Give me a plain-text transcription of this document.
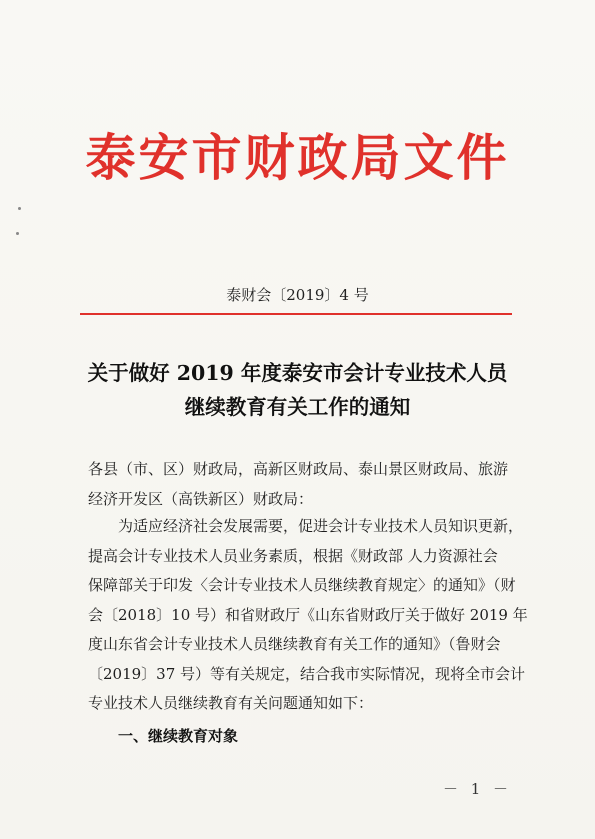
泰安市财政局文件
泰财会〔2019〕4 号
关于做好 2019 年度泰安市会计专业技术人员
继续教育有关工作的通知
各县（市、区）财政局，高新区财政局、泰山景区财政局、旅游
经济开发区（高铁新区）财政局：
　　为适应经济社会发展需要，促进会计专业技术人员知识更新，
提高会计专业技术人员业务素质，根据《财政部 人力资源社会
保障部关于印发〈会计专业技术人员继续教育规定〉的通知》（财
会〔2018〕10 号）和省财政厅《山东省财政厅关于做好 2019 年
度山东省会计专业技术人员继续教育有关工作的通知》（鲁财会
〔2019〕37 号）等有关规定，结合我市实际情况，现将全市会计
专业技术人员继续教育有关问题通知如下：
一、继续教育对象
－ 1 －
